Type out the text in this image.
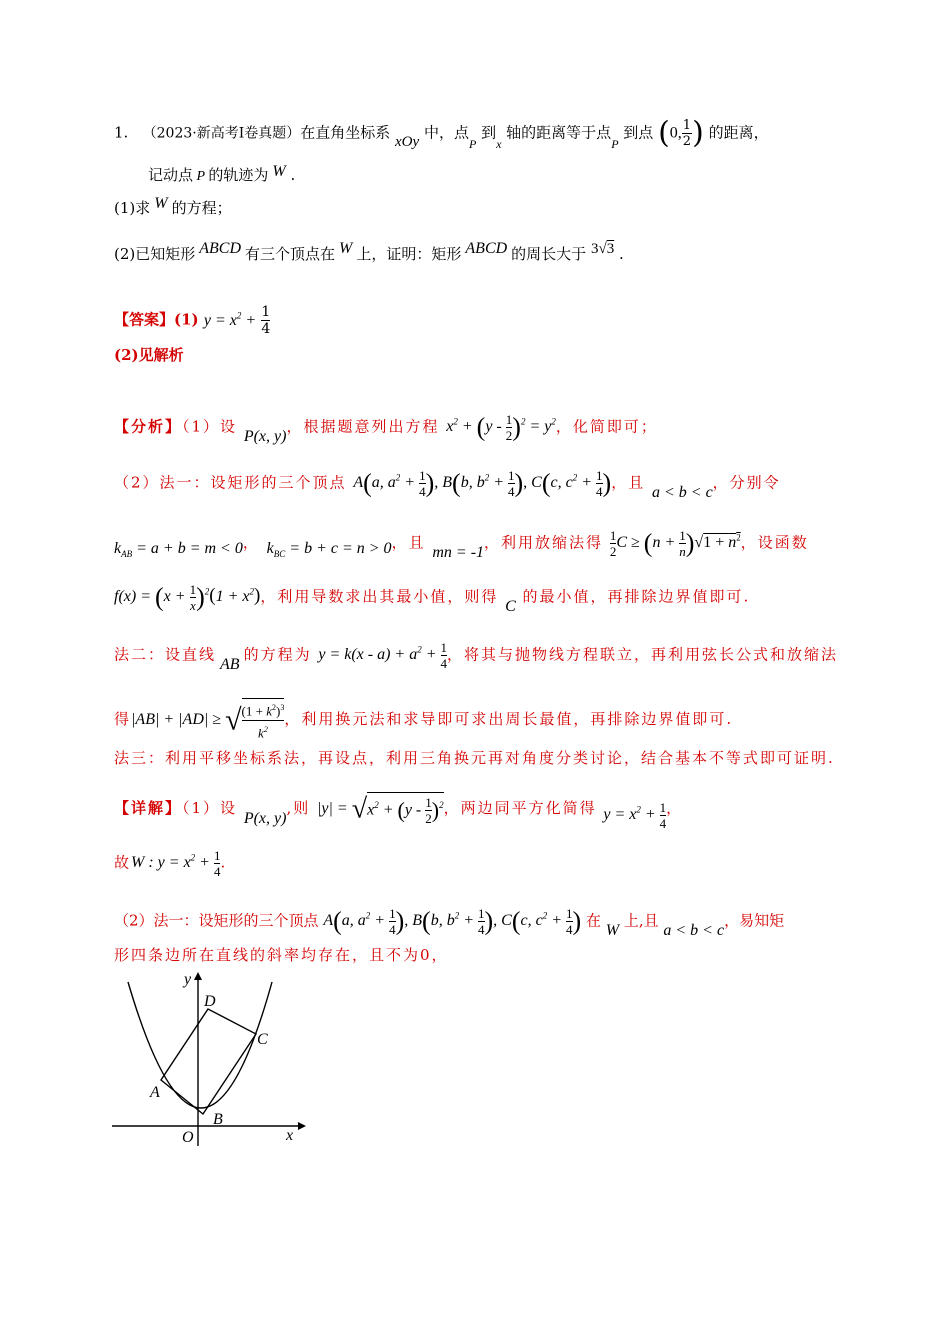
1. （2023·新高考Ⅰ卷真题）在直角坐标系 xOy 中，点$_P$ 到$_x$ 轴的距离等于点$_P$ 到点 (0, $\frac{1}{2}$ ) 的距离，
记动点 P 的轨迹为 W .
(1)求 W 的方程；
(2)已知矩形 ABCD 有三个顶点在 W 上，证明：矩形 ABCD 的周长大于 3√3 .
【答案】(1) $y = x^2 + \frac{1}{4}$
(2)见解析
【分析】（1）设 P(x, y)，根据题意列出方程 $x^2 + (y - \frac{1}{2} )^2 = y^2$，化简即可；
（2）法一：设矩形的三个顶点 A(a, $a^2 + \frac{1}{4}$ ), B(b, $b^2 + \frac{1}{4}$ ), C(c, $c^2 + \frac{1}{4}$ )，且 a < b < c，分别令
$k_{AB} = a + b = m < 0$， $k_{BC} = b + c = n > 0$，且 mn = -1，利用放缩法得 $\frac{1}{2}$ $C \ge (n + \frac{1}{n} )√1 + n^2$，设函数
$f(x) = (x + \frac{1}{x} )^2(1 + x^2)$，利用导数求出其最小值，则得 C 的最小值，再排除边界值即可.
法二：设直线 AB 的方程为 $y = k(x - a) + a^2 + \frac{1}{4}$ ，将其与抛物线方程联立，再利用弦长公式和放缩法
得|AB| + |AD| ≥ √ $\frac{(1 + k^2)^3}{k^2}$ ，利用换元法和求导即可求出周长最值，再排除边界值即可.
法三：利用平移坐标系法，再设点，利用三角换元再对角度分类讨论，结合基本不等式即可证明.
【详解】（1）设 P(x, y),则 $|y| = √x^2 + (y - \frac{1}{2} )^2$，两边同平方化简得 $y = x^2 + \frac{1}{4}$ ，
故W : $y = x^2 + \frac{1}{4}$ .
（2）法一：设矩形的三个顶点 A(a, $a^2 + \frac{1}{4}$ ), B(b, $b^2 + \frac{1}{4}$ ), C(c, $c^2 + \frac{1}{4}$ ) 在 W 上,且 a < b < c，易知矩
形四条边所在直线的斜率均存在，且不为0，
y
x
O
A
B
C
D
